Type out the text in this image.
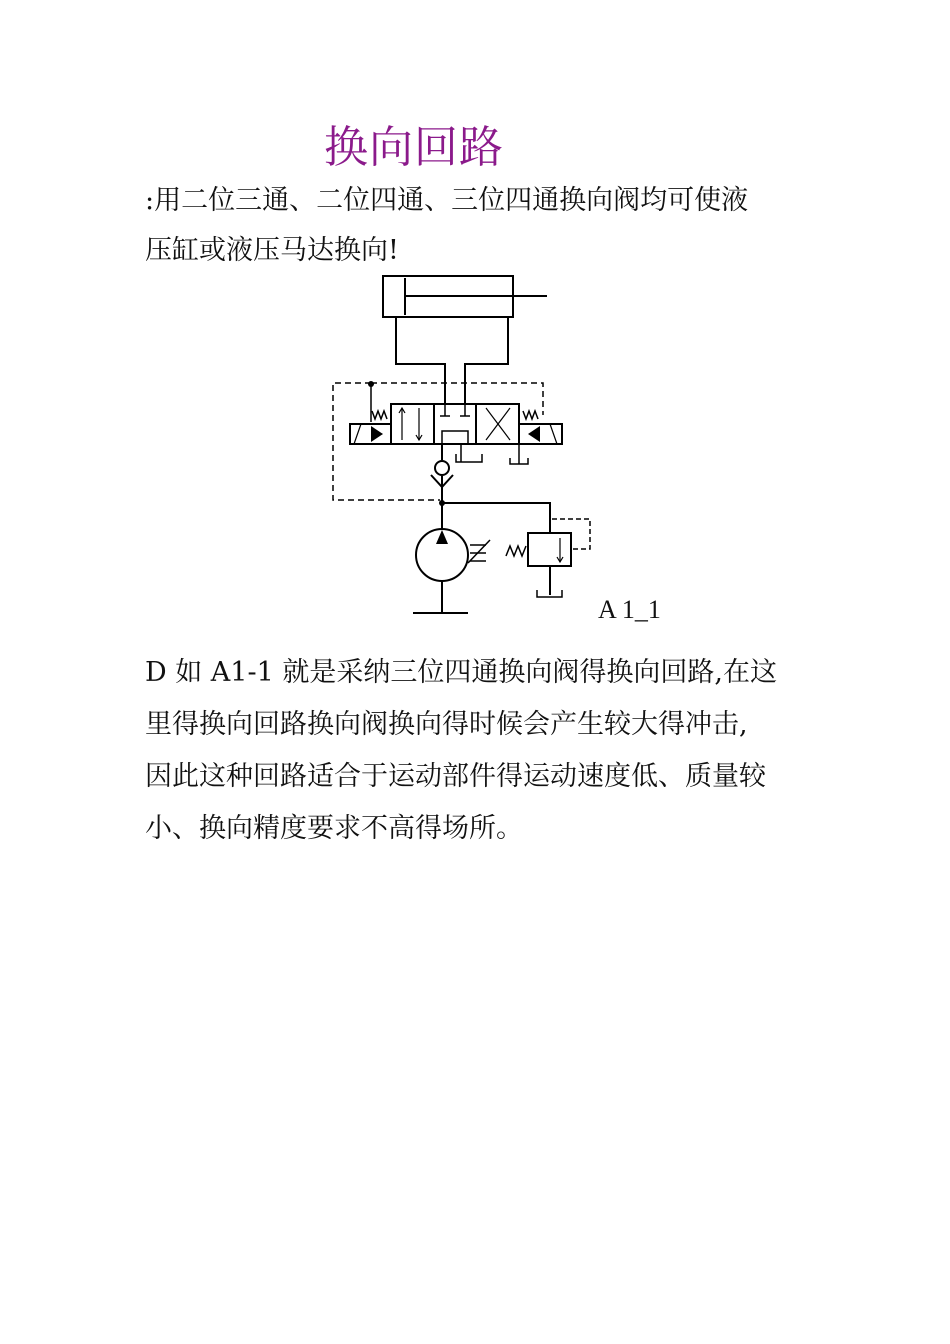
换向回路

:用二位三通、二位四通、三位四通换向阀均可使液
压缸或液压马达换向!

A 1_1

D 如 A1-1 就是采纳三位四通换向阀得换向回路,在这
里得换向回路换向阀换向得时候会产生较大得冲击,
因此这种回路适合于运动部件得运动速度低、质量较
小、换向精度要求不高得场所。
